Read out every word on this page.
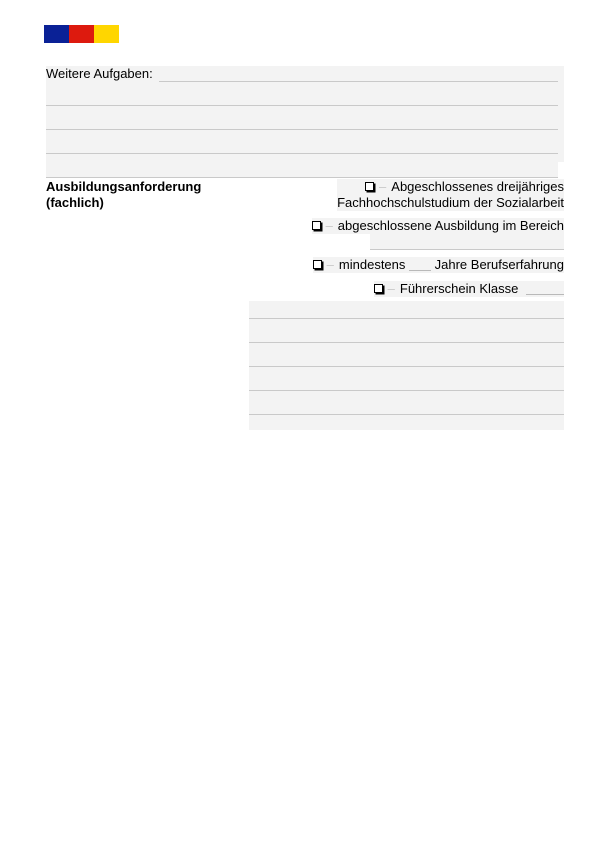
Weitere Aufgaben:
Ausbildungsanforderung
(fachlich)
– Abgeschlossenes dreijähriges
Fachhochschulstudium der Sozialarbeit
– abgeschlossene Ausbildung im Bereich
– mindestens Jahre Berufserfahrung
– Führerschein Klasse
